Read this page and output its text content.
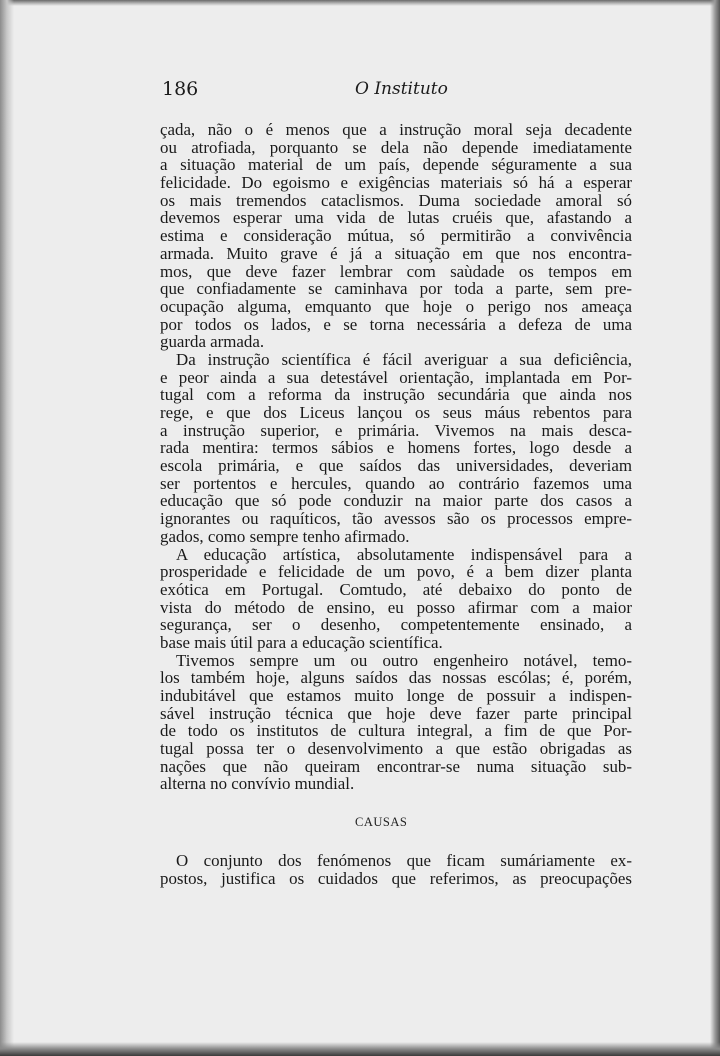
186	O Instituto
çada, não o é menos que a instrução moral seja decadente
ou atrofiada, porquanto se dela não depende imediatamente
a situação material de um país, depende séguramente a sua
felicidade. Do egoismo e exigências materiais só há a esperar
os mais tremendos cataclismos. Duma sociedade amoral só
devemos esperar uma vida de lutas cruéis que, afastando a
estima e consideração mútua, só permitirão a convivência
armada. Muito grave é já a situação em que nos encontra-
mos, que deve fazer lembrar com saùdade os tempos em
que confiadamente se caminhava por toda a parte, sem pre-
ocupação alguma, emquanto que hoje o perigo nos ameaça
por todos os lados, e se torna necessária a defeza de uma
guarda armada.
Da instrução scientífica é fácil averiguar a sua deficiência,
e peor ainda a sua detestável orientação, implantada em Por-
tugal com a reforma da instrução secundária que ainda nos
rege, e que dos Liceus lançou os seus máus rebentos para
a instrução superior, e primária. Vivemos na mais desca-
rada mentira: termos sábios e homens fortes, logo desde a
escola primária, e que saídos das universidades, deveriam
ser portentos e hercules, quando ao contrário fazemos uma
educação que só pode conduzir na maior parte dos casos a
ignorantes ou raquíticos, tão avessos são os processos empre-
gados, como sempre tenho afirmado.
A educação artística, absolutamente indispensável para a
prosperidade e felicidade de um povo, é a bem dizer planta
exótica em Portugal. Comtudo, até debaixo do ponto de
vista do método de ensino, eu posso afirmar com a maior
segurança, ser o desenho, competentemente ensinado, a
base mais útil para a educação scientífica.
Tivemos sempre um ou outro engenheiro notável, temo-
los também hoje, alguns saídos das nossas escólas; é, porém,
indubitável que estamos muito longe de possuir a indispen-
sável instrução técnica que hoje deve fazer parte principal
de todo os institutos de cultura integral, a fim de que Por-
tugal possa ter o desenvolvimento a que estão obrigadas as
nações que não queiram encontrar-se numa situação sub-
alterna no convívio mundial.
CAUSAS
O conjunto dos fenómenos que ficam sumáriamente ex-
postos, justifica os cuidados que referimos, as preocupações
